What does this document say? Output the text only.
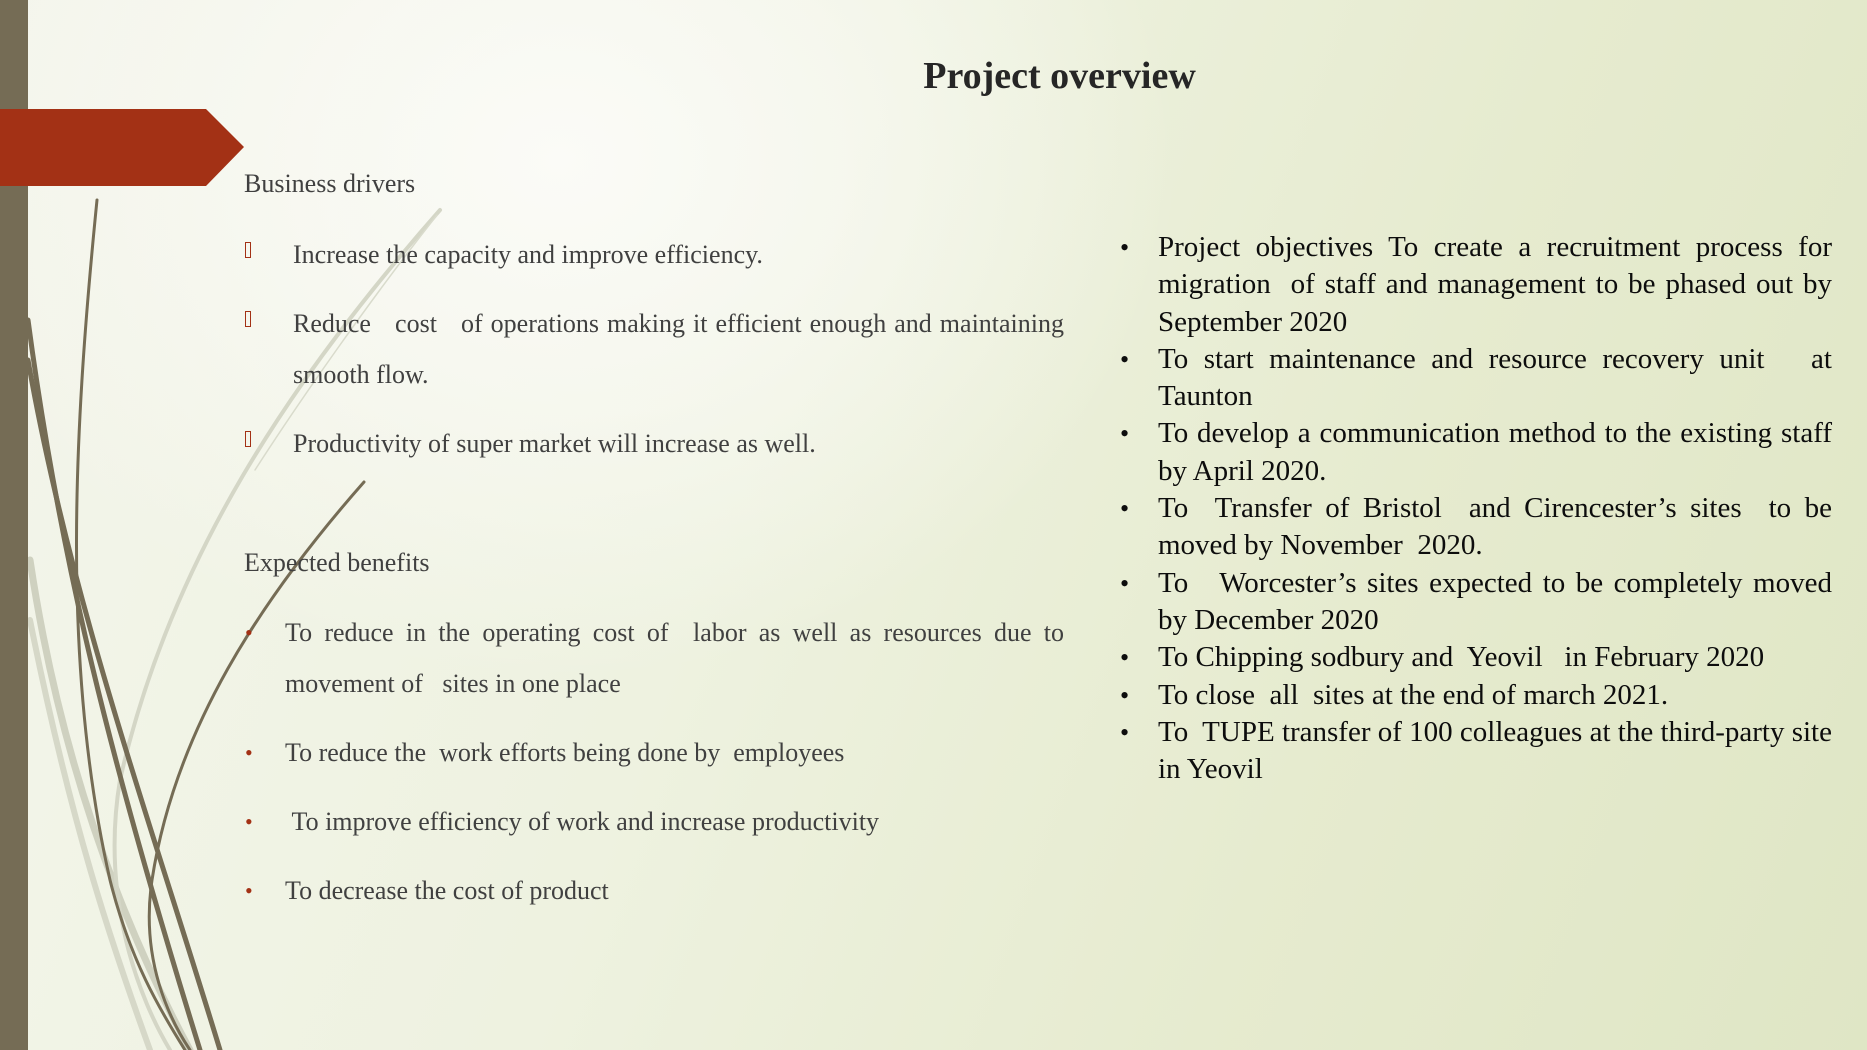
Project overview
Business drivers
Increase the capacity and improve efficiency.
Reduce   cost   of operations making it efficient enough and maintaining smooth flow.
Productivity of super market will increase as well.
Expected benefits
• To reduce in the operating cost of  labor as well as resources due to movement of   sites in one place
• To reduce the  work efforts being done by  employees
• To improve efficiency of work and increase productivity
• To decrease the cost of product
• Project objectives To create a recruitment process for migration  of staff and management to be phased out by September 2020
• To start maintenance and resource recovery unit   at Taunton
• To develop a communication method to the existing staff by April 2020.
• To  Transfer of Bristol  and Cirencester’s sites  to be moved by November  2020.
• To   Worcester’s sites expected to be completely moved  by December 2020
• To Chipping sodbury and  Yeovil   in February 2020
• To close  all  sites at the end of march 2021.
• To  TUPE transfer of 100 colleagues at the third-party site in Yeovil
